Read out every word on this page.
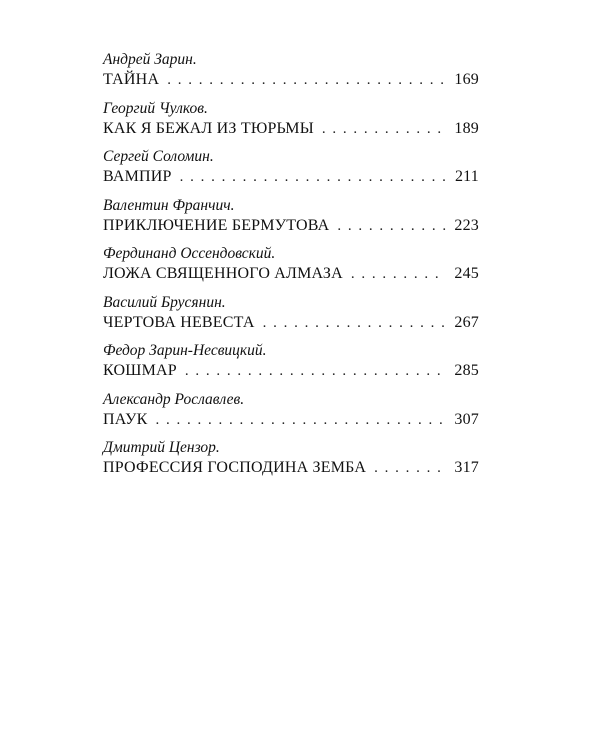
Андрей Зарин.
ТАЙНА . . .	169
Георгий Чулков.
КАК Я БЕЖАЛ ИЗ ТЮРЬМЫ . . .	189
Сергей Соломин.
ВАМПИР . . .	211
Валентин Франчич.
ПРИКЛЮЧЕНИЕ БЕРМУТОВА . . .	223
Фердинанд Оссендовский.
ЛОЖА СВЯЩЕННОГО АЛМАЗА . . .	245
Василий Брусянин.
ЧЕРТОВА НЕВЕСТА . . .	267
Федор Зарин-Несвицкий.
КОШМАР . . .	285
Александр Рославлев.
ПАУК . . .	307
Дмитрий Цензор.
ПРОФЕССИЯ ГОСПОДИНА ЗЕМБА . . .	317
